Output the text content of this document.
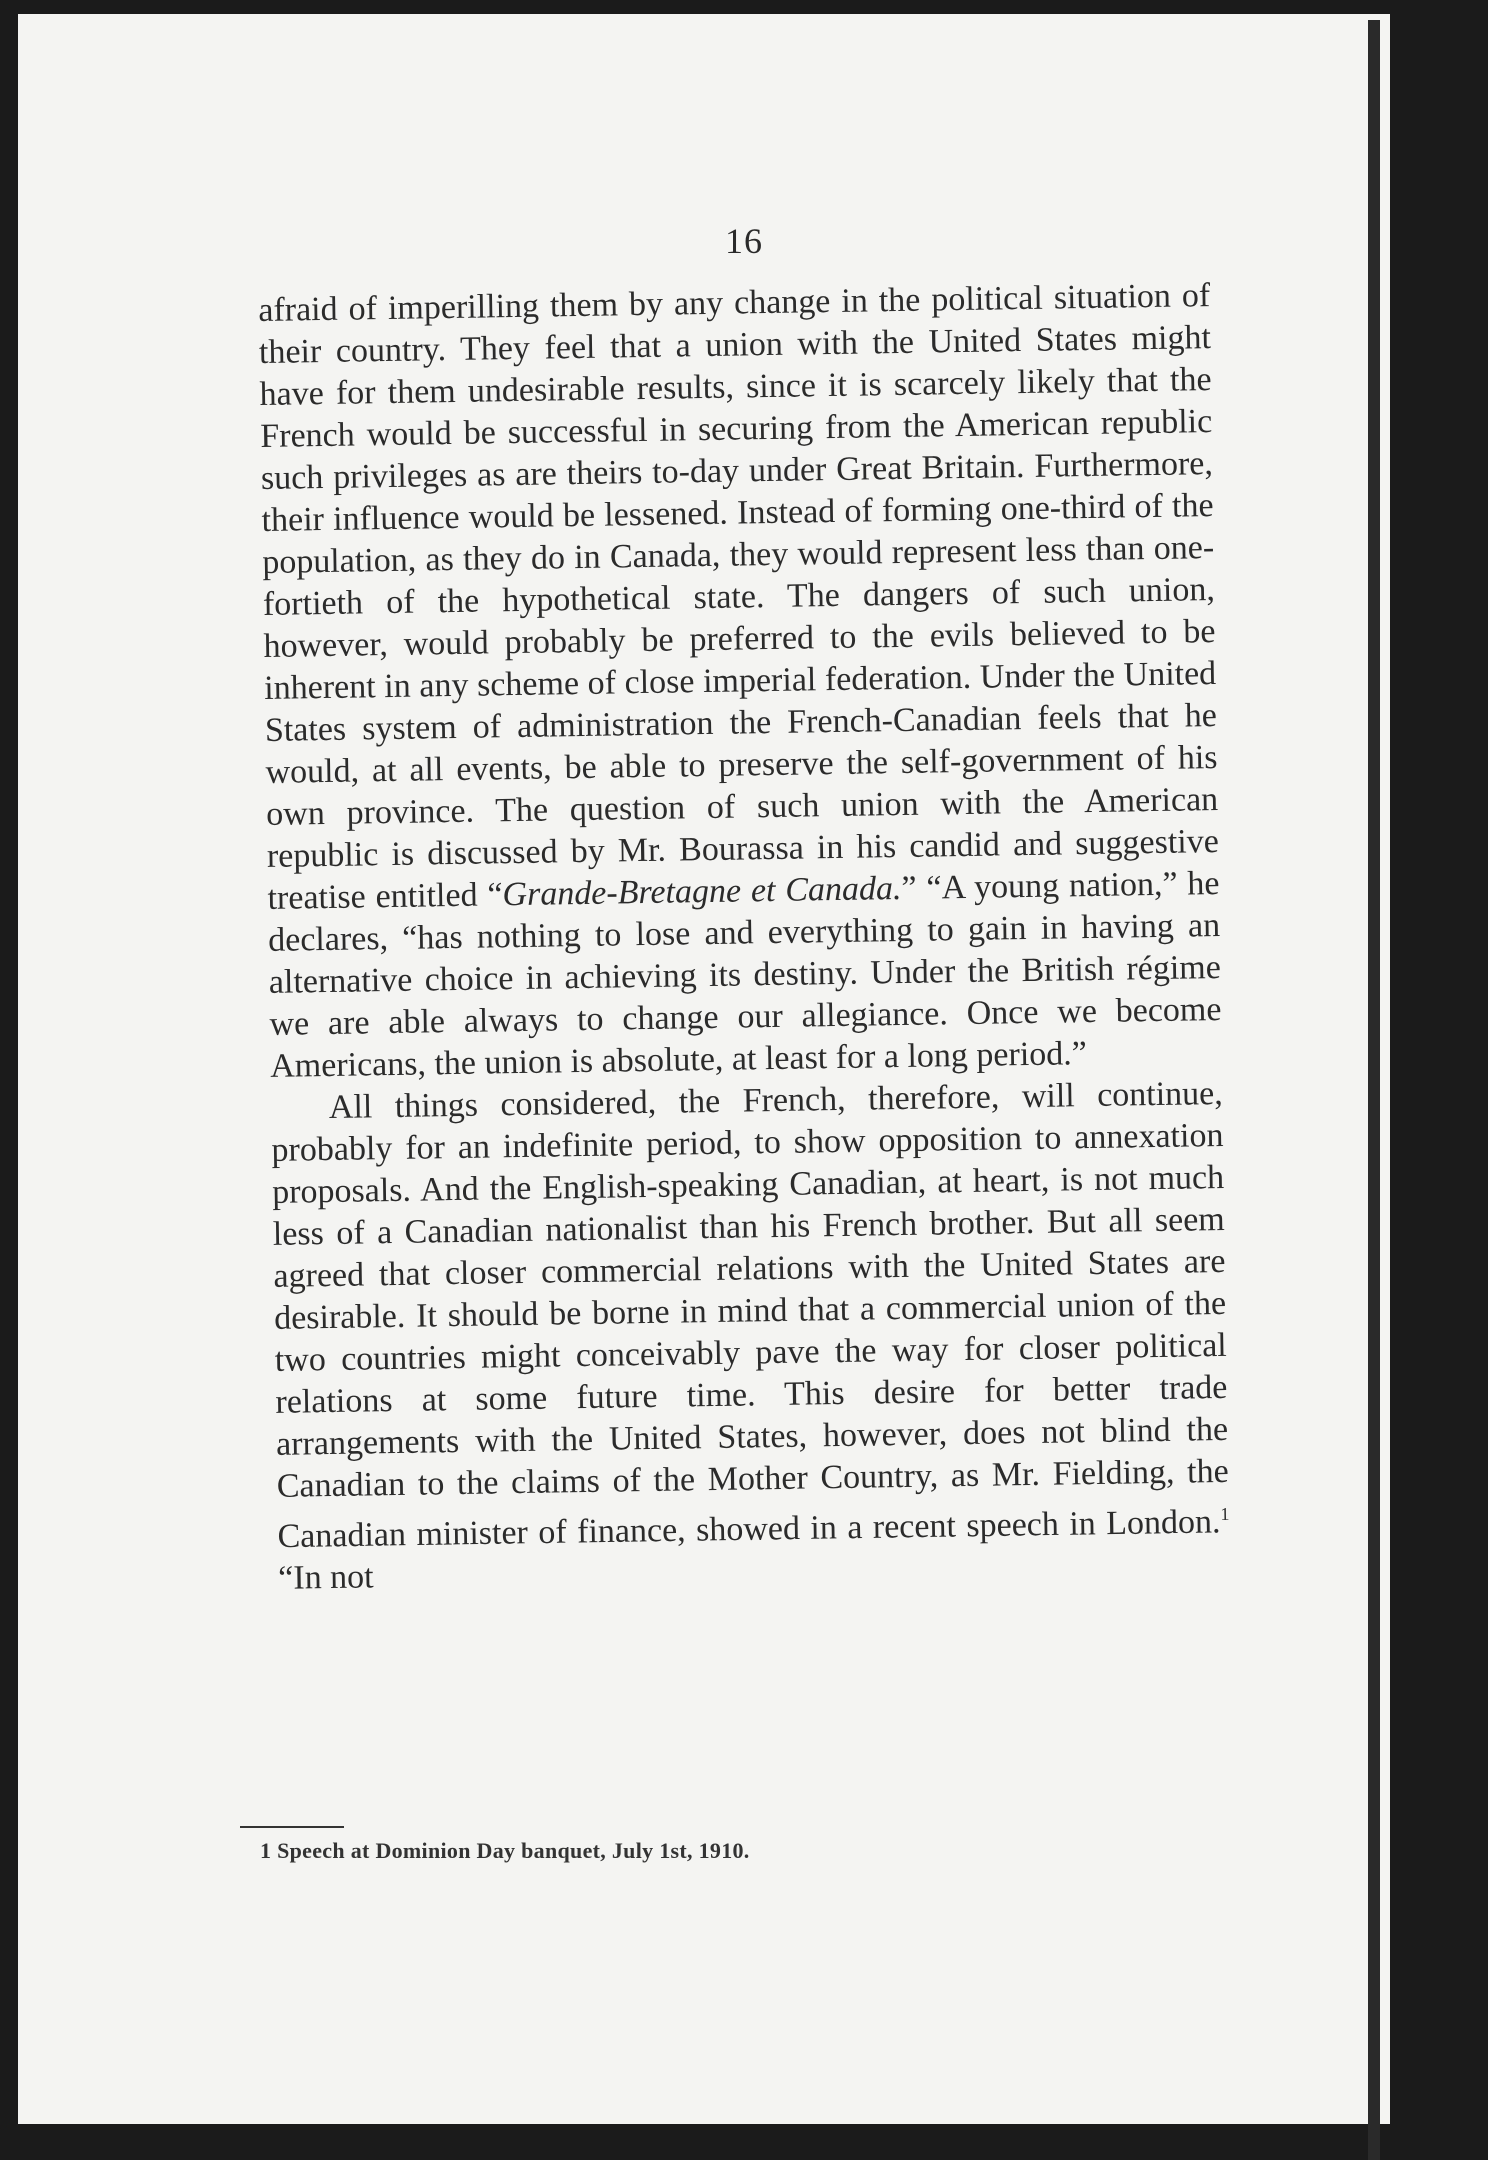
16

afraid of imperilling them by any change in the political situation of their country. They feel that a union with the United States might have for them undesirable results, since it is scarcely likely that the French would be successful in securing from the American republic such privileges as are theirs to-day under Great Britain. Furthermore, their influence would be lessened. Instead of forming one-third of the population, as they do in Canada, they would represent less than one-fortieth of the hypothetical state. The dangers of such union, however, would probably be preferred to the evils believed to be inherent in any scheme of close imperial federation. Under the United States system of administration the French-Canadian feels that he would, at all events, be able to preserve the self-government of his own province. The question of such union with the American republic is discussed by Mr. Bourassa in his candid and suggestive treatise entitled “Grande-Bretagne et Canada.” “A young nation,” he declares, “has nothing to lose and everything to gain in having an alternative choice in achieving its destiny. Under the British régime we are able always to change our allegiance. Once we become Americans, the union is absolute, at least for a long period.”

All things considered, the French, therefore, will continue, probably for an indefinite period, to show opposition to annexation proposals. And the English-speaking Canadian, at heart, is not much less of a Canadian nationalist than his French brother. But all seem agreed that closer commercial relations with the United States are desirable. It should be borne in mind that a commercial union of the two countries might conceivably pave the way for closer political relations at some future time. This desire for better trade arrangements with the United States, however, does not blind the Canadian to the claims of the Mother Country, as Mr. Fielding, the Canadian minister of finance, showed in a recent speech in London.$^1$ “In not

1 Speech at Dominion Day banquet, July 1st, 1910.
